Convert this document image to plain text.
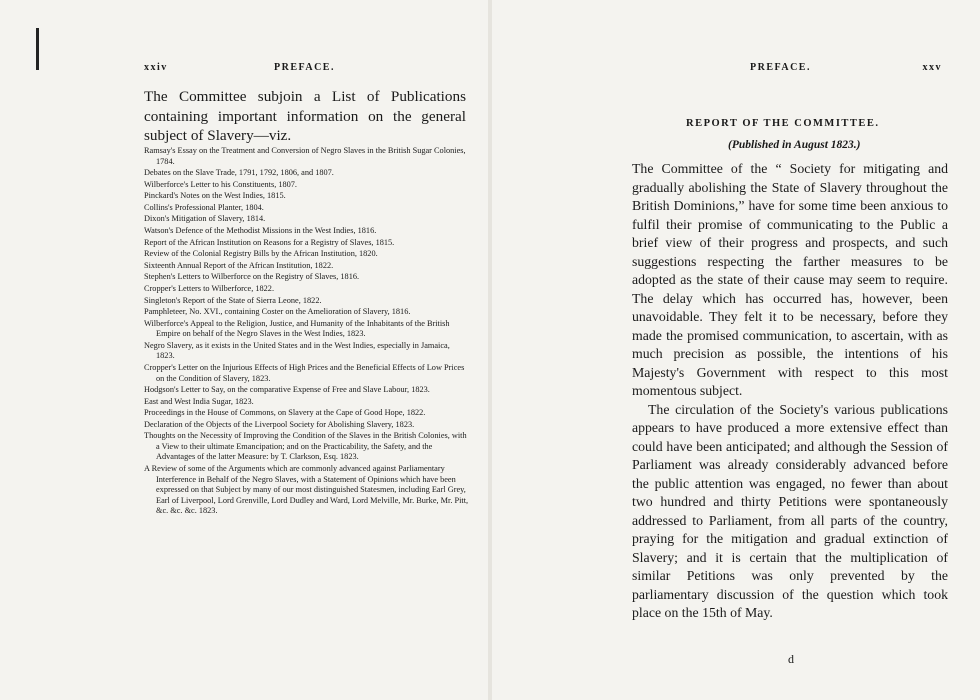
xxiv	PREFACE.
The Committee subjoin a List of Publications containing important information on the general subject of Slavery—viz.
Ramsay's Essay on the Treatment and Conversion of Negro Slaves in the British Sugar Colonies, 1784.
Debates on the Slave Trade, 1791, 1792, 1806, and 1807.
Wilberforce's Letter to his Constituents, 1807.
Pinckard's Notes on the West Indies, 1815.
Collins's Professional Planter, 1804.
Dixon's Mitigation of Slavery, 1814.
Watson's Defence of the Methodist Missions in the West Indies, 1816.
Report of the African Institution on Reasons for a Registry of Slaves, 1815.
Review of the Colonial Registry Bills by the African Institution, 1820.
Sixteenth Annual Report of the African Institution, 1822.
Stephen's Letters to Wilberforce on the Registry of Slaves, 1816.
Cropper's Letters to Wilberforce, 1822.
Singleton's Report of the State of Sierra Leone, 1822.
Pamphleteer, No. XVI., containing Coster on the Amelioration of Slavery, 1816.
Wilberforce's Appeal to the Religion, Justice, and Humanity of the Inhabitants of the British Empire on behalf of the Negro Slaves in the West Indies, 1823.
Negro Slavery, as it exists in the United States and in the West Indies, especially in Jamaica, 1823.
Cropper's Letter on the Injurious Effects of High Prices and the Beneficial Effects of Low Prices on the Condition of Slavery, 1823.
Hodgson's Letter to Say, on the comparative Expense of Free and Slave Labour, 1823.
East and West India Sugar, 1823.
Proceedings in the House of Commons, on Slavery at the Cape of Good Hope, 1822.
Declaration of the Objects of the Liverpool Society for Abolishing Slavery, 1823.
Thoughts on the Necessity of Improving the Condition of the Slaves in the British Colonies, with a View to their ultimate Emancipation; and on the Practicability, the Safety, and the Advantages of the latter Measure: by T. Clarkson, Esq. 1823.
A Review of some of the Arguments which are commonly advanced against Parliamentary Interference in Behalf of the Negro Slaves, with a Statement of Opinions which have been expressed on that Subject by many of our most distinguished Statesmen, including Earl Grey, Earl of Liverpool, Lord Grenville, Lord Dudley and Ward, Lord Melville, Mr. Burke, Mr. Pitt, &c. &c. &c. 1823.
PREFACE.	xxv
REPORT OF THE COMMITTEE.
(Published in August 1823.)

The Committee of the “ Society for mitigating and gradually abolishing the State of Slavery throughout the British Dominions,” have for some time been anxious to fulfil their promise of communicating to the Public a brief view of their progress and prospects, and such suggestions respecting the farther measures to be adopted as the state of their cause may seem to require. The delay which has occurred has, however, been unavoidable. They felt it to be necessary, before they made the promised communication, to ascertain, with as much precision as possible, the intentions of his Majesty's Government with respect to this most momentous subject.

The circulation of the Society's various publications appears to have produced a more extensive effect than could have been anticipated; and although the Session of Parliament was already considerably advanced before the public attention was engaged, no fewer than about two hundred and thirty Petitions were spontaneously addressed to Parliament, from all parts of the country, praying for the mitigation and gradual extinction of Slavery; and it is certain that the multiplication of similar Petitions was only prevented by the parliamentary discussion of the question which took place on the 15th of May.

d
